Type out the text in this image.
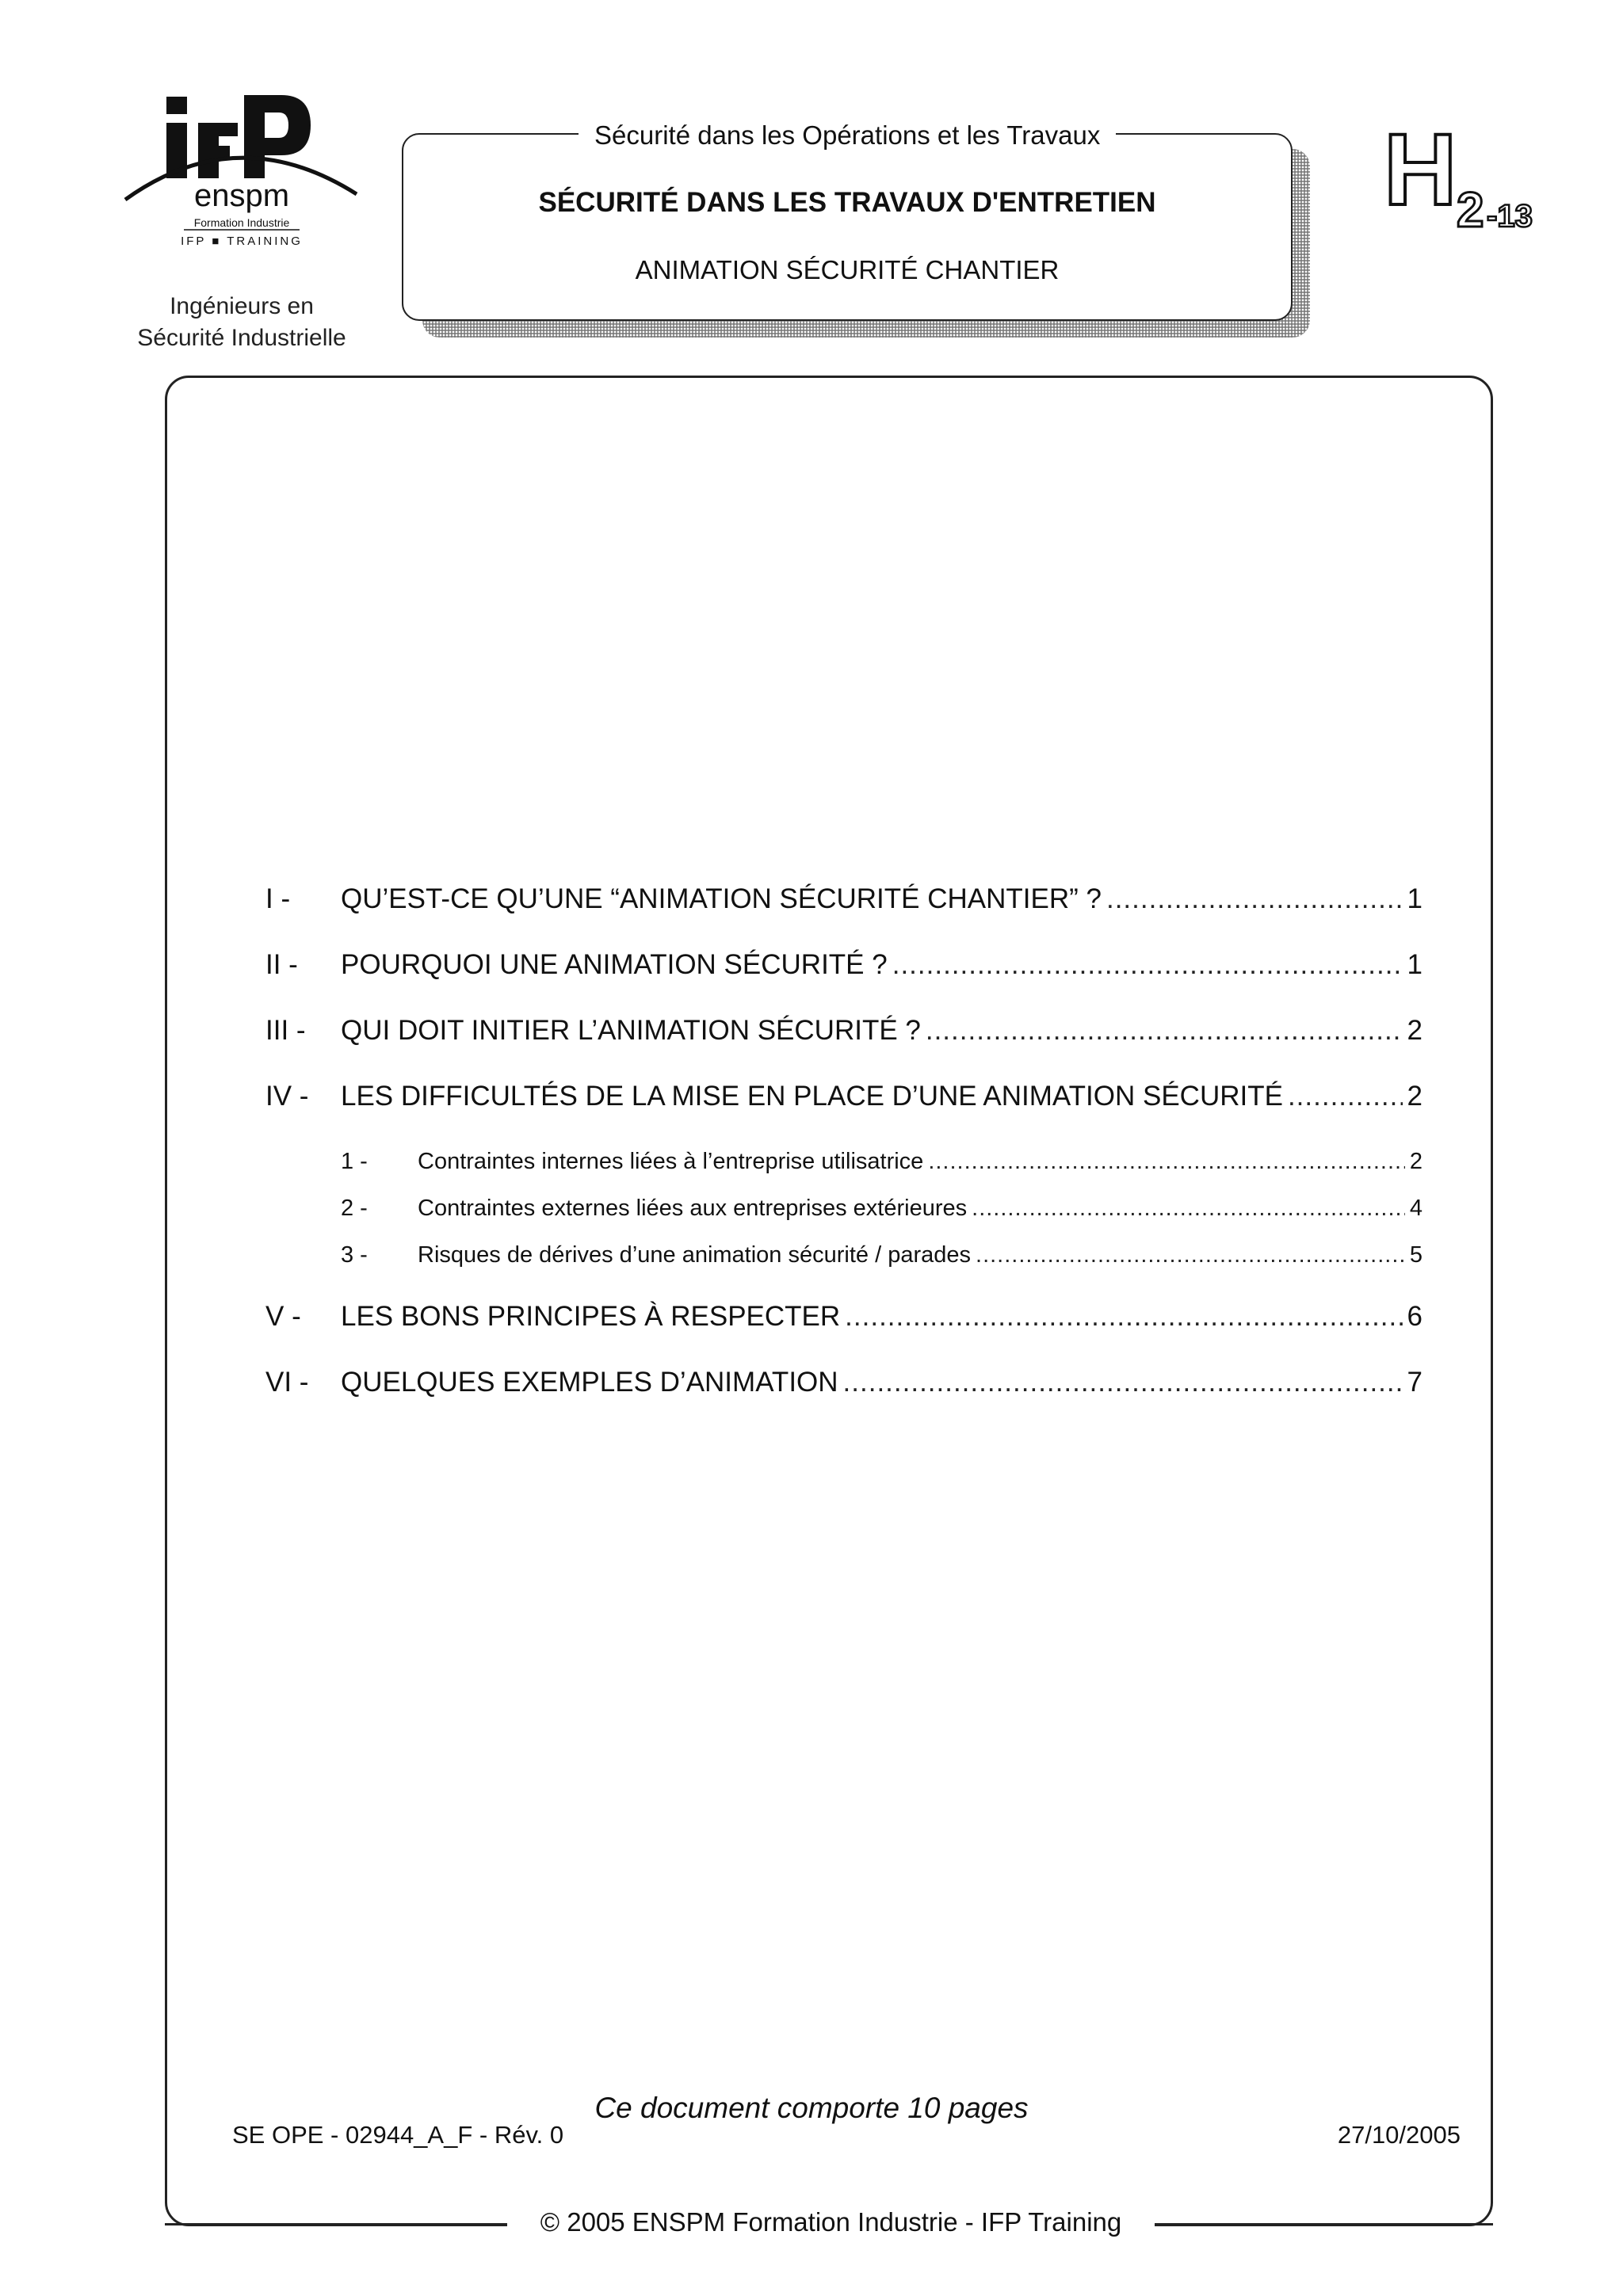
enspm
Formation Industrie
IFP ■ TRAINING
Ingénieurs en
Sécurité Industrielle
Sécurité dans les Opérations et les Travaux
SÉCURITÉ DANS LES TRAVAUX D'ENTRETIEN
ANIMATION SÉCURITÉ CHANTIER
H 2 -13
I -	QU’EST-CE QU’UNE “ANIMATION SÉCURITÉ CHANTIER” ? .....	1
II -	POURQUOI UNE ANIMATION SÉCURITÉ ? .....	1
III -	QUI DOIT INITIER L’ANIMATION SÉCURITÉ ? .....	2
IV -	LES DIFFICULTÉS DE LA MISE EN PLACE D’UNE ANIMATION SÉCURITÉ .....	2
1 -	Contraintes internes liées à l’entreprise utilisatrice .....	2
2 -	Contraintes externes liées aux entreprises extérieures .....	4
3 -	Risques de dérives d’une animation sécurité / parades .....	5
V -	LES BONS PRINCIPES À RESPECTER .....	6
VI -	QUELQUES EXEMPLES D’ANIMATION .....	7
Ce document comporte 10 pages
SE OPE - 02944_A_F - Rév. 0	27/10/2005
© 2005 ENSPM Formation Industrie - IFP Training
